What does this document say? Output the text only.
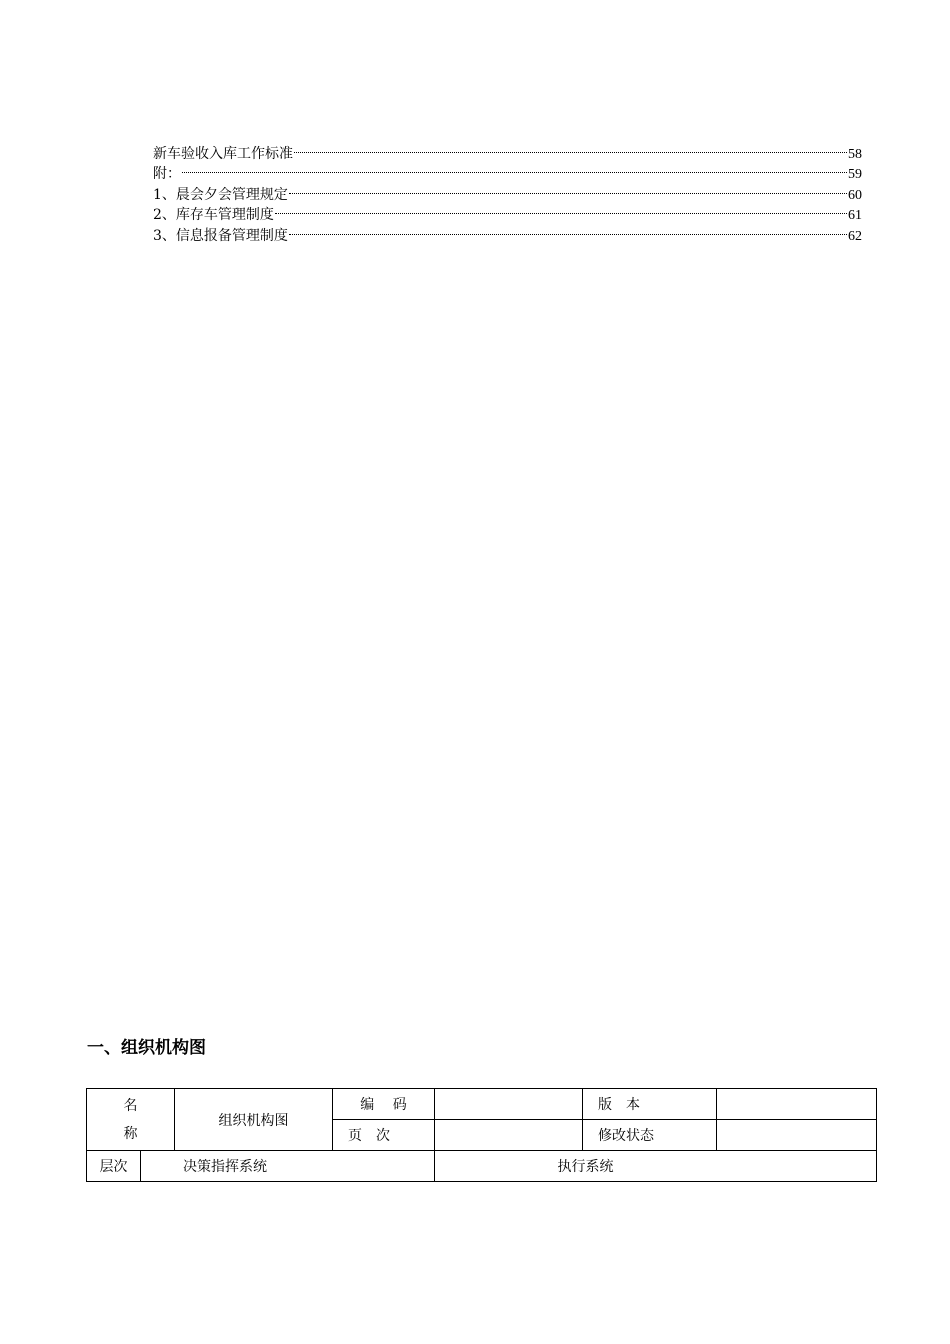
新车验收入库工作标准	58
附：	59
1、晨会夕会管理规定	60
2、库存车管理制度	61
3、信息报备管理制度	62
一、组织机构图
名
称		组织机构图	编　 码		版　本	
			页　次		修改状态	
层次	决策指挥系统			执行系统		
